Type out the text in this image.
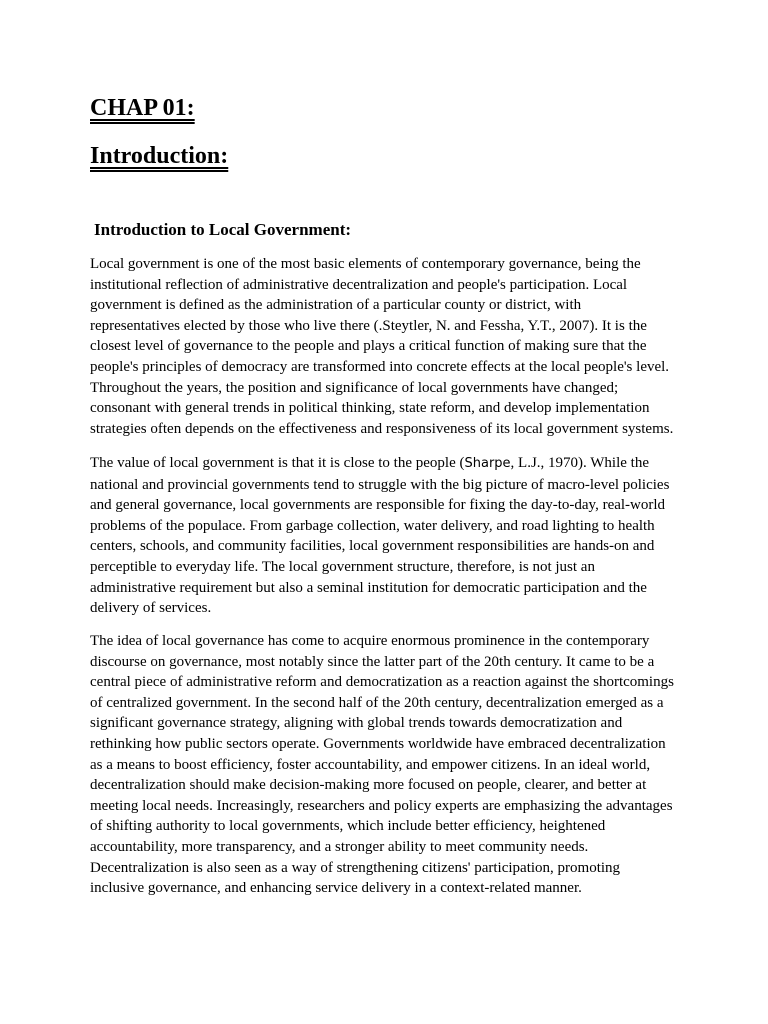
CHAP 01:
Introduction:
Introduction to Local Government:
Local government is one of the most basic elements of contemporary governance, being the
institutional reflection of administrative decentralization and people's participation. Local
government is defined as the administration of a particular county or district, with
representatives elected by those who live there (.Steytler, N. and Fessha, Y.T., 2007). It is the
closest level of governance to the people and plays a critical function of making sure that the
people's principles of democracy are transformed into concrete effects at the local people's level.
Throughout the years, the position and significance of local governments have changed;
consonant with general trends in political thinking, state reform, and develop implementation
strategies often depends on the effectiveness and responsiveness of its local government systems.
The value of local government is that it is close to the people (Sharpe, L.J., 1970). While the
national and provincial governments tend to struggle with the big picture of macro-level policies
and general governance, local governments are responsible for fixing the day-to-day, real-world
problems of the populace. From garbage collection, water delivery, and road lighting to health
centers, schools, and community facilities, local government responsibilities are hands-on and
perceptible to everyday life. The local government structure, therefore, is not just an
administrative requirement but also a seminal institution for democratic participation and the
delivery of services.
The idea of local governance has come to acquire enormous prominence in the contemporary
discourse on governance, most notably since the latter part of the 20th century. It came to be a
central piece of administrative reform and democratization as a reaction against the shortcomings
of centralized government. In the second half of the 20th century, decentralization emerged as a
significant governance strategy, aligning with global trends towards democratization and
rethinking how public sectors operate. Governments worldwide have embraced decentralization
as a means to boost efficiency, foster accountability, and empower citizens. In an ideal world,
decentralization should make decision-making more focused on people, clearer, and better at
meeting local needs. Increasingly, researchers and policy experts are emphasizing the advantages
of shifting authority to local governments, which include better efficiency, heightened
accountability, more transparency, and a stronger ability to meet community needs.
Decentralization is also seen as a way of strengthening citizens' participation, promoting
inclusive governance, and enhancing service delivery in a context-related manner.
